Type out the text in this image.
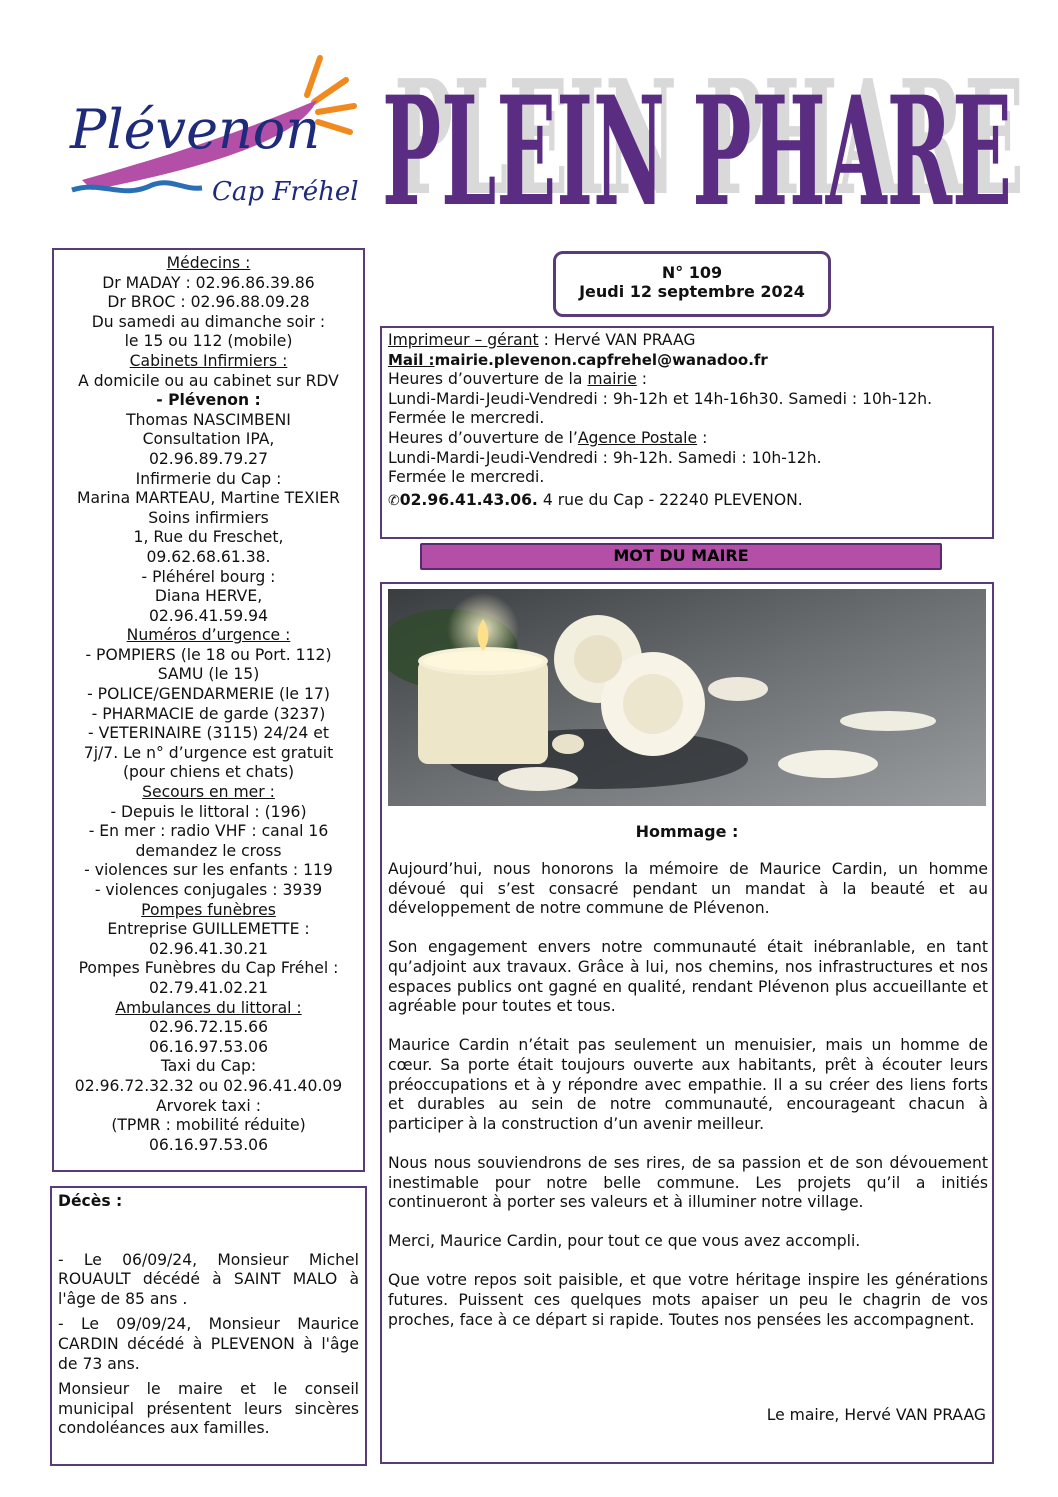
Plévenon
Cap Fréhel PLEIN PHARE
PLEIN PHARE
Médecins :
Dr MADAY : 02.96.86.39.86
Dr BROC : 02.96.88.09.28
Du samedi au dimanche soir :
le 15 ou 112 (mobile)
Cabinets Infirmiers :
A domicile ou au cabinet sur RDV
- Plévenon :
Thomas NASCIMBENI
Consultation IPA,
02.96.89.79.27
Infirmerie du Cap :
Marina MARTEAU, Martine TEXIER
Soins infirmiers
1, Rue du Freschet,
09.62.68.61.38.
- Pléhérel bourg :
Diana HERVE,
02.96.41.59.94
Numéros d’urgence :
- POMPIERS (le 18 ou Port. 112)
SAMU (le 15)
- POLICE/GENDARMERIE (le 17)
- PHARMACIE de garde (3237)
- VETERINAIRE (3115) 24/24 et
7j/7. Le n° d’urgence est gratuit
(pour chiens et chats)
Secours en mer :
- Depuis le littoral : (196)
- En mer : radio VHF : canal 16
demandez le cross
- violences sur les enfants : 119
- violences conjugales : 3939
Pompes funèbres
Entreprise GUILLEMETTE :
02.96.41.30.21
Pompes Funèbres du Cap Fréhel :
02.79.41.02.21
Ambulances du littoral :
02.96.72.15.66
06.16.97.53.06
Taxi du Cap:
02.96.72.32.32 ou 02.96.41.40.09
Arvorek taxi :
(TPMR : mobilité réduite)
06.16.97.53.06

Décès :

- Le 06/09/24, Monsieur Michel ROUAULT décédé à SAINT MALO à l'âge de 85 ans .

- Le 09/09/24, Monsieur Maurice CARDIN décédé à PLEVENON à l'âge de 73 ans.

Monsieur le maire et le conseil municipal présentent leurs sincères condoléances aux familles.

N° 109
Jeudi 12 septembre 2024
Imprimeur – gérant : Hervé VAN PRAAG
Mail :mairie.plevenon.capfrehel@wanadoo.fr
Heures d’ouverture de la mairie :
Lundi-Mardi-Jeudi-Vendredi : 9h-12h et 14h-16h30. Samedi : 10h-12h.
Fermée le mercredi.
Heures d’ouverture de l’Agence Postale :
Lundi-Mardi-Jeudi-Vendredi : 9h-12h. Samedi : 10h-12h.
Fermée le mercredi.
✆02.96.41.43.06. 4 rue du Cap - 22240 PLEVENON.
MOT DU MAIRE
Hommage :

Aujourd’hui, nous honorons la mémoire de Maurice Cardin, un homme dévoué qui s’est consacré pendant un mandat à la beauté et au développement de notre commune de Plévenon.

Son engagement envers notre communauté était inébranlable, en tant qu’adjoint aux travaux. Grâce à lui, nos chemins, nos infrastructures et nos espaces publics ont gagné en qualité, rendant Plévenon plus accueillante et agréable pour toutes et tous.

Maurice Cardin n’était pas seulement un menuisier, mais un homme de cœur. Sa porte était toujours ouverte aux habitants, prêt à écouter leurs préoccupations et à y répondre avec empathie. Il a su créer des liens forts et durables au sein de notre communauté, encourageant chacun à participer à la construction d’un avenir meilleur.

Nous nous souviendrons de ses rires, de sa passion et de son dévouement inestimable pour notre belle commune. Les projets qu’il a initiés continueront à porter ses valeurs et à illuminer notre village.

Merci, Maurice Cardin, pour tout ce que vous avez accompli.

Que votre repos soit paisible, et que votre héritage inspire les générations futures. Puissent ces quelques mots apaiser un peu le chagrin de vos proches, face à ce départ si rapide. Toutes nos pensées les accompagnent.

Le maire, Hervé VAN PRAAG
